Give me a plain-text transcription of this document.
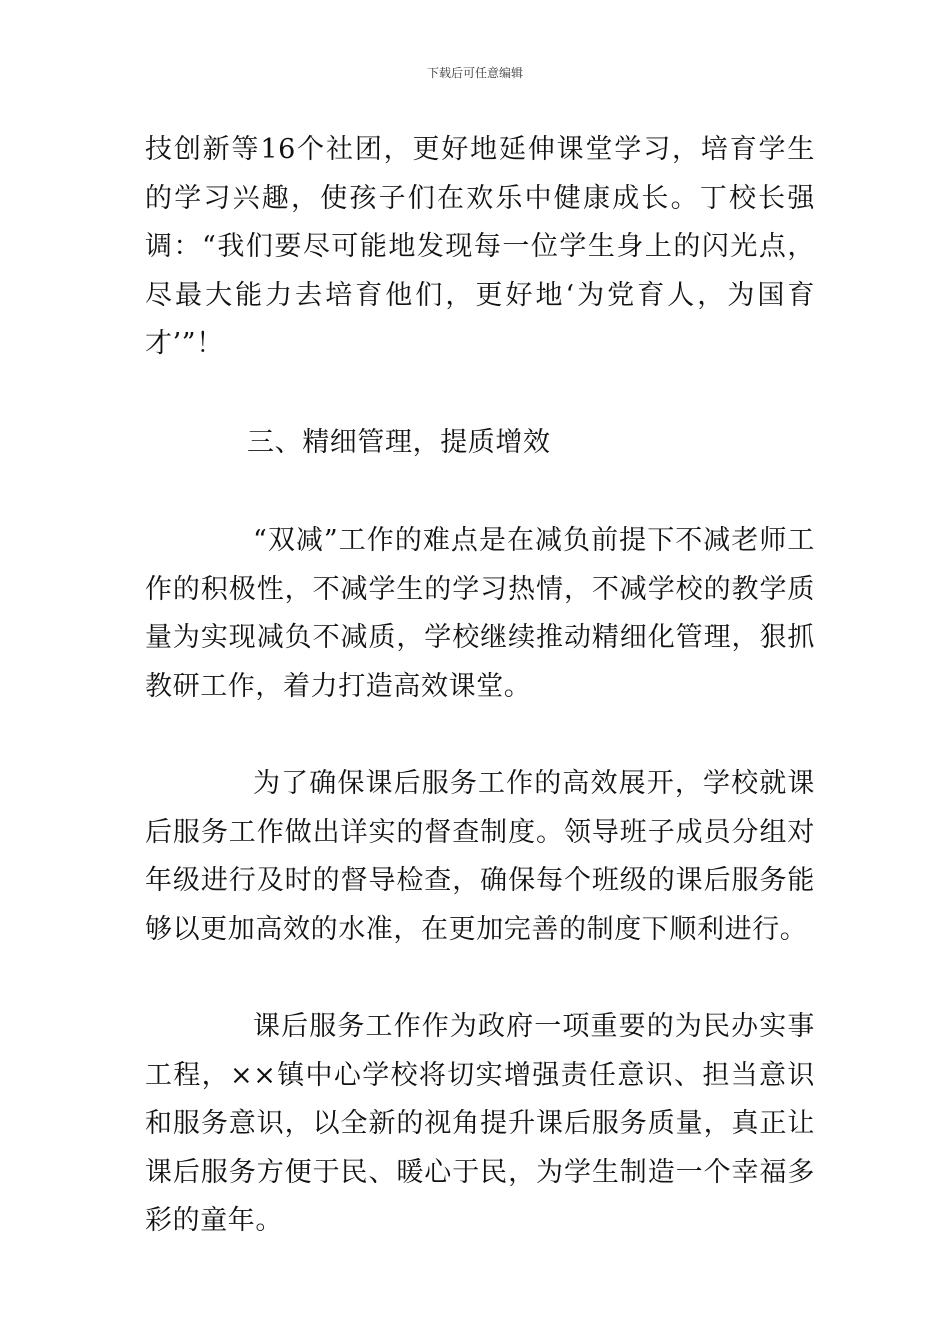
下载后可任意编辑

技创新等16个社团，更好地延伸课堂学习，培育学生的学习兴趣，使孩子们在欢乐中健康成长。丁校长强调：“我们要尽可能地发现每一位学生身上的闪光点，尽最大能力去培育他们，更好地‘为党育人，为国育才’”！

三、精细管理，提质增效

“双减”工作的难点是在减负前提下不减老师工作的积极性，不减学生的学习热情，不减学校的教学质量为实现减负不减质，学校继续推动精细化管理，狠抓教研工作，着力打造高效课堂。

为了确保课后服务工作的高效展开，学校就课后服务工作做出详实的督查制度。领导班子成员分组对年级进行及时的督导检查，确保每个班级的课后服务能够以更加高效的水准，在更加完善的制度下顺利进行。

课后服务工作作为政府一项重要的为民办实事工程，××镇中心学校将切实增强责任意识、担当意识和服务意识，以全新的视角提升课后服务质量，真正让课后服务方便于民、暖心于民，为学生制造一个幸福多彩的童年。
